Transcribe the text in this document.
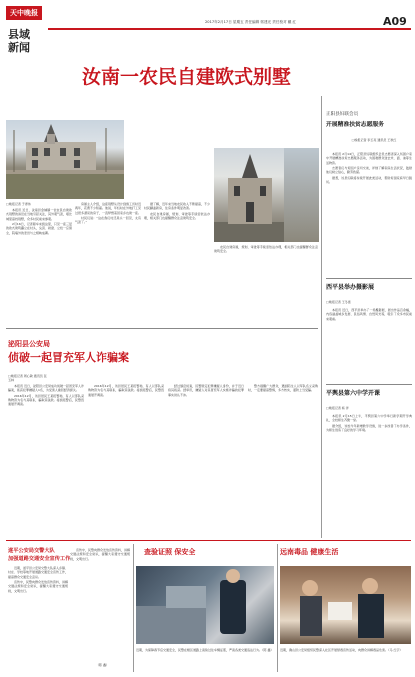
天中晚报
县域新闻
2017年2月17日 星期五 责任编辑 郭建光 责任校对 戴 红	A09
汝南一农民自建欧式别墅
□晚报记者 于得伟

本报讯 近日，汝南县金铺镇一位农民自建欧式别墅的消息在当地引起关注，其外观气派，堪比城里高档别墅，众多村民前来参观。

2月16日，记者驱车来到这里，只见一座三层的欧式建筑矗立在村头，尖顶、拱窗、立柱一应俱全，院墙外的麦田与之相映成趣。

房屋主人介绍，这座别墅从设计到施工历时近两年，花费不少积蓄。他说，年轻时在外地打工见过很多漂亮的房子，一直梦想着回家乡也建一座。

村民们说：“这在我们村还是头一回见，太有气派了。”

据了解，近年来当地农民收入不断提高，不少村民翻盖新房，住房条件明显改善。

农民自建房屋，规划、审批等手续需依法办理，相关部门也提醒群众注意建筑安全。

农民自建房屋，规划、审批等手续需依法办理，相关部门也提醒群众注意建筑安全。

正阳县妇联会员
开展精准扶贫志愿服务
□晚报记者 李玉亮 通讯员 王秋红

本报讯 2月14日，正阳县妇联组织会员志愿者深入贫困户家中开展精准扶贫志愿服务活动，为困难群众送去米、面、油等生活物资。

志愿者们与贫困户亲切交谈，详细了解家庭生活状况，鼓励他们树立信心，勤劳致富。

据悉，该县妇联将持续开展此类活动，帮助贫困家庭早日脱贫。

西平县举办摄影展
□晚报记者 王冬雷

本报讯 近日，西平县举办了一场摄影展，展出作品百余幅，内容涵盖城乡发展、民俗风情、自然风光等，吸引了众多市民前来观看。

平舆县第六中学开课
□晚报记者 杨 洋

本报讯 2月15日上午，平舆县第六中学举行新学期开学典礼，全校师生齐聚一堂。

据介绍，该校今年新增教学设施，进一步改善了办学条件，为师生创造了良好的学习环境。

泌阳县公安局
侦破一起冒充军人诈骗案
□晚报记者 周心敏 通讯员 张玉林

本报讯 近日，泌阳县公安局成功侦破一起冒充军人诈骗案，抓获犯罪嫌疑人1名，为受害人挽回经济损失。

2016年12月，该县居民王某报警称，有人以部队采购物资为名与其联系，骗取其钱款。接到报警后，民警迅速展开调查。

2016年12月，该县居民王某报警称，有人以部队采购物资为名与其联系，骗取其钱款。接到报警后，民警迅速展开调查。

经过缜密侦查，民警锁定犯罪嫌疑人身份，并于近日将其抓获。经审讯，嫌疑人对其冒充军人实施诈骗的犯罪事实供认不讳。

警方提醒广大群众，遇到陌生人以军队名义采购时，一定要提高警惕，多方核实，谨防上当受骗。

遂平公安局交警大队
加强道路交通安全宣传工作

近期，遂平县公安局交警大队深入乡镇、村庄、学校等地开展道路交通安全宣传工作，提高群众交通安全意识。

宣传中，民警向群众发放宣传资料，讲解交通法规和安全常识，提醒大家遵守交通规则，文明出行。

宣传中，民警向群众发放宣传资料，讲解交通法规和安全常识，提醒大家遵守交通规则，文明出行。

（陈 鑫）
查验证照 保安全
近期，为保障春节后交通安全，民警在辖区道路上查验过往车辆证照，严查各类交通违法行为。（陈 鑫）
远南毒品 健康生活
近期，确山县公安局组织民警深入社区开展禁毒宣传活动，向群众讲解毒品危害。（马 红宇）
